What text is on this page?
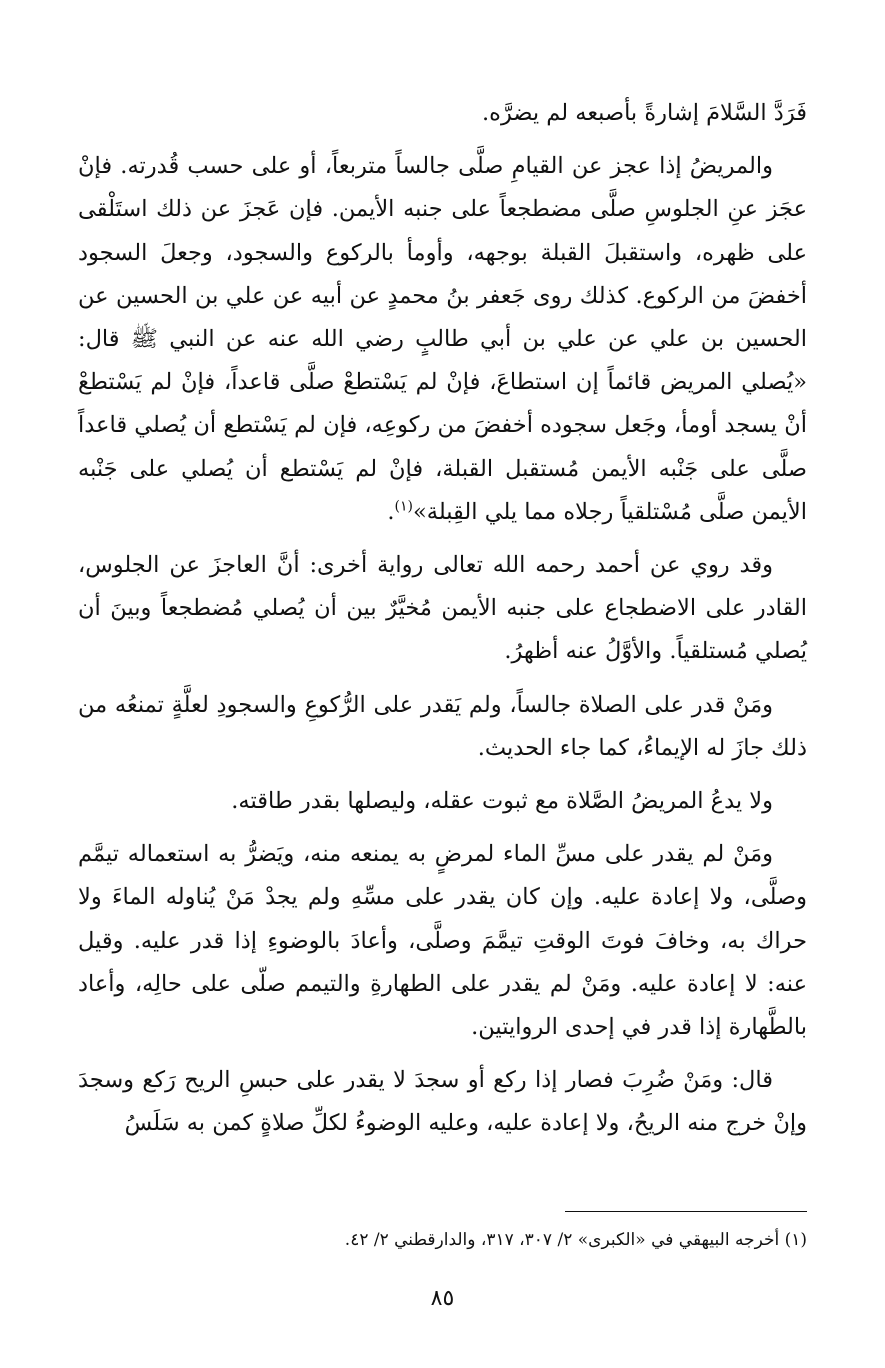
فَرَدَّ السَّلامَ إشارةً بأصبعه لم يضرَّه.

والمريضُ إذا عجز عن القيامِ صلَّى جالساً متربعاً، أو على حسب قُدرته. فإنْ عجَز عنِ الجلوسِ صلَّى مضطجعاً على جنبه الأيمن. فإن عَجزَ عن ذلك استَلْقى على ظهره، واستقبلَ القبلة بوجهه، وأومأ بالركوع والسجود، وجعلَ السجود أخفضَ من الركوع. كذلك روى جَعفر بنُ محمدٍ عن أبيه عن علي بن الحسين عن الحسين بن علي عن علي بن أبي طالبٍ رضي الله عنه عن النبي ﷺ قال: «يُصلي المريض قائماً إن استطاعَ، فإنْ لم يَسْتطعْ صلَّى قاعداً، فإنْ لم يَسْتطعْ أنْ يسجد أومأ، وجَعل سجوده أخفضَ من ركوعِه، فإن لم يَسْتطع أن يُصلي قاعداً صلَّى على جَنْبه الأيمن مُستقبل القبلة، فإنْ لم يَسْتطع أن يُصلي على جَنْبه الأيمن صلَّى مُسْتلقياً رجلاه مما يلي القِبلة»$^{(١)}$.

وقد روي عن أحمد رحمه الله تعالى رواية أخرى: أنَّ العاجزَ عن الجلوس، القادر على الاضطجاع على جنبه الأيمن مُخيَّرٌ بين أن يُصلي مُضطجعاً وبينَ أن يُصلي مُستلقياً. والأوَّلُ عنه أظهرُ.

ومَنْ قدر على الصلاة جالساً، ولم يَقدر على الرُّكوعِ والسجودِ لعلَّةٍ تمنعُه من ذلك جازَ له الإيماءُ، كما جاء الحديث.

ولا يدعُ المريضُ الصَّلاة مع ثبوت عقله، وليصلها بقدر طاقته.

ومَنْ لم يقدر على مسِّ الماء لمرضٍ به يمنعه منه، ويَضرُّ به استعماله تيمَّم وصلَّى، ولا إعادة عليه. وإن كان يقدر على مسِّهِ ولم يجدْ مَنْ يُناوله الماءَ ولا حراك به، وخافَ فوتَ الوقتِ تيمَّمَ وصلَّى، وأعادَ بالوضوءِ إذا قدر عليه. وقيل عنه: لا إعادة عليه. ومَنْ لم يقدر على الطهارةِ والتيمم صلّى على حالِه، وأعاد بالطَّهارة إذا قدر في إحدى الروايتين.

قال: ومَنْ ضُرِبَ فصار إذا ركع أو سجدَ لا يقدر على حبسِ الريح رَكع وسجدَ وإنْ خرج منه الريحُ، ولا إعادة عليه، وعليه الوضوءُ لكلِّ صلاةٍ كمن به سَلَسُ

(١) أخرجه البيهقي في «الكبرى» ٢/ ٣٠٧، ٣١٧، والدارقطني ٢/ ٤٢.
٨٥
